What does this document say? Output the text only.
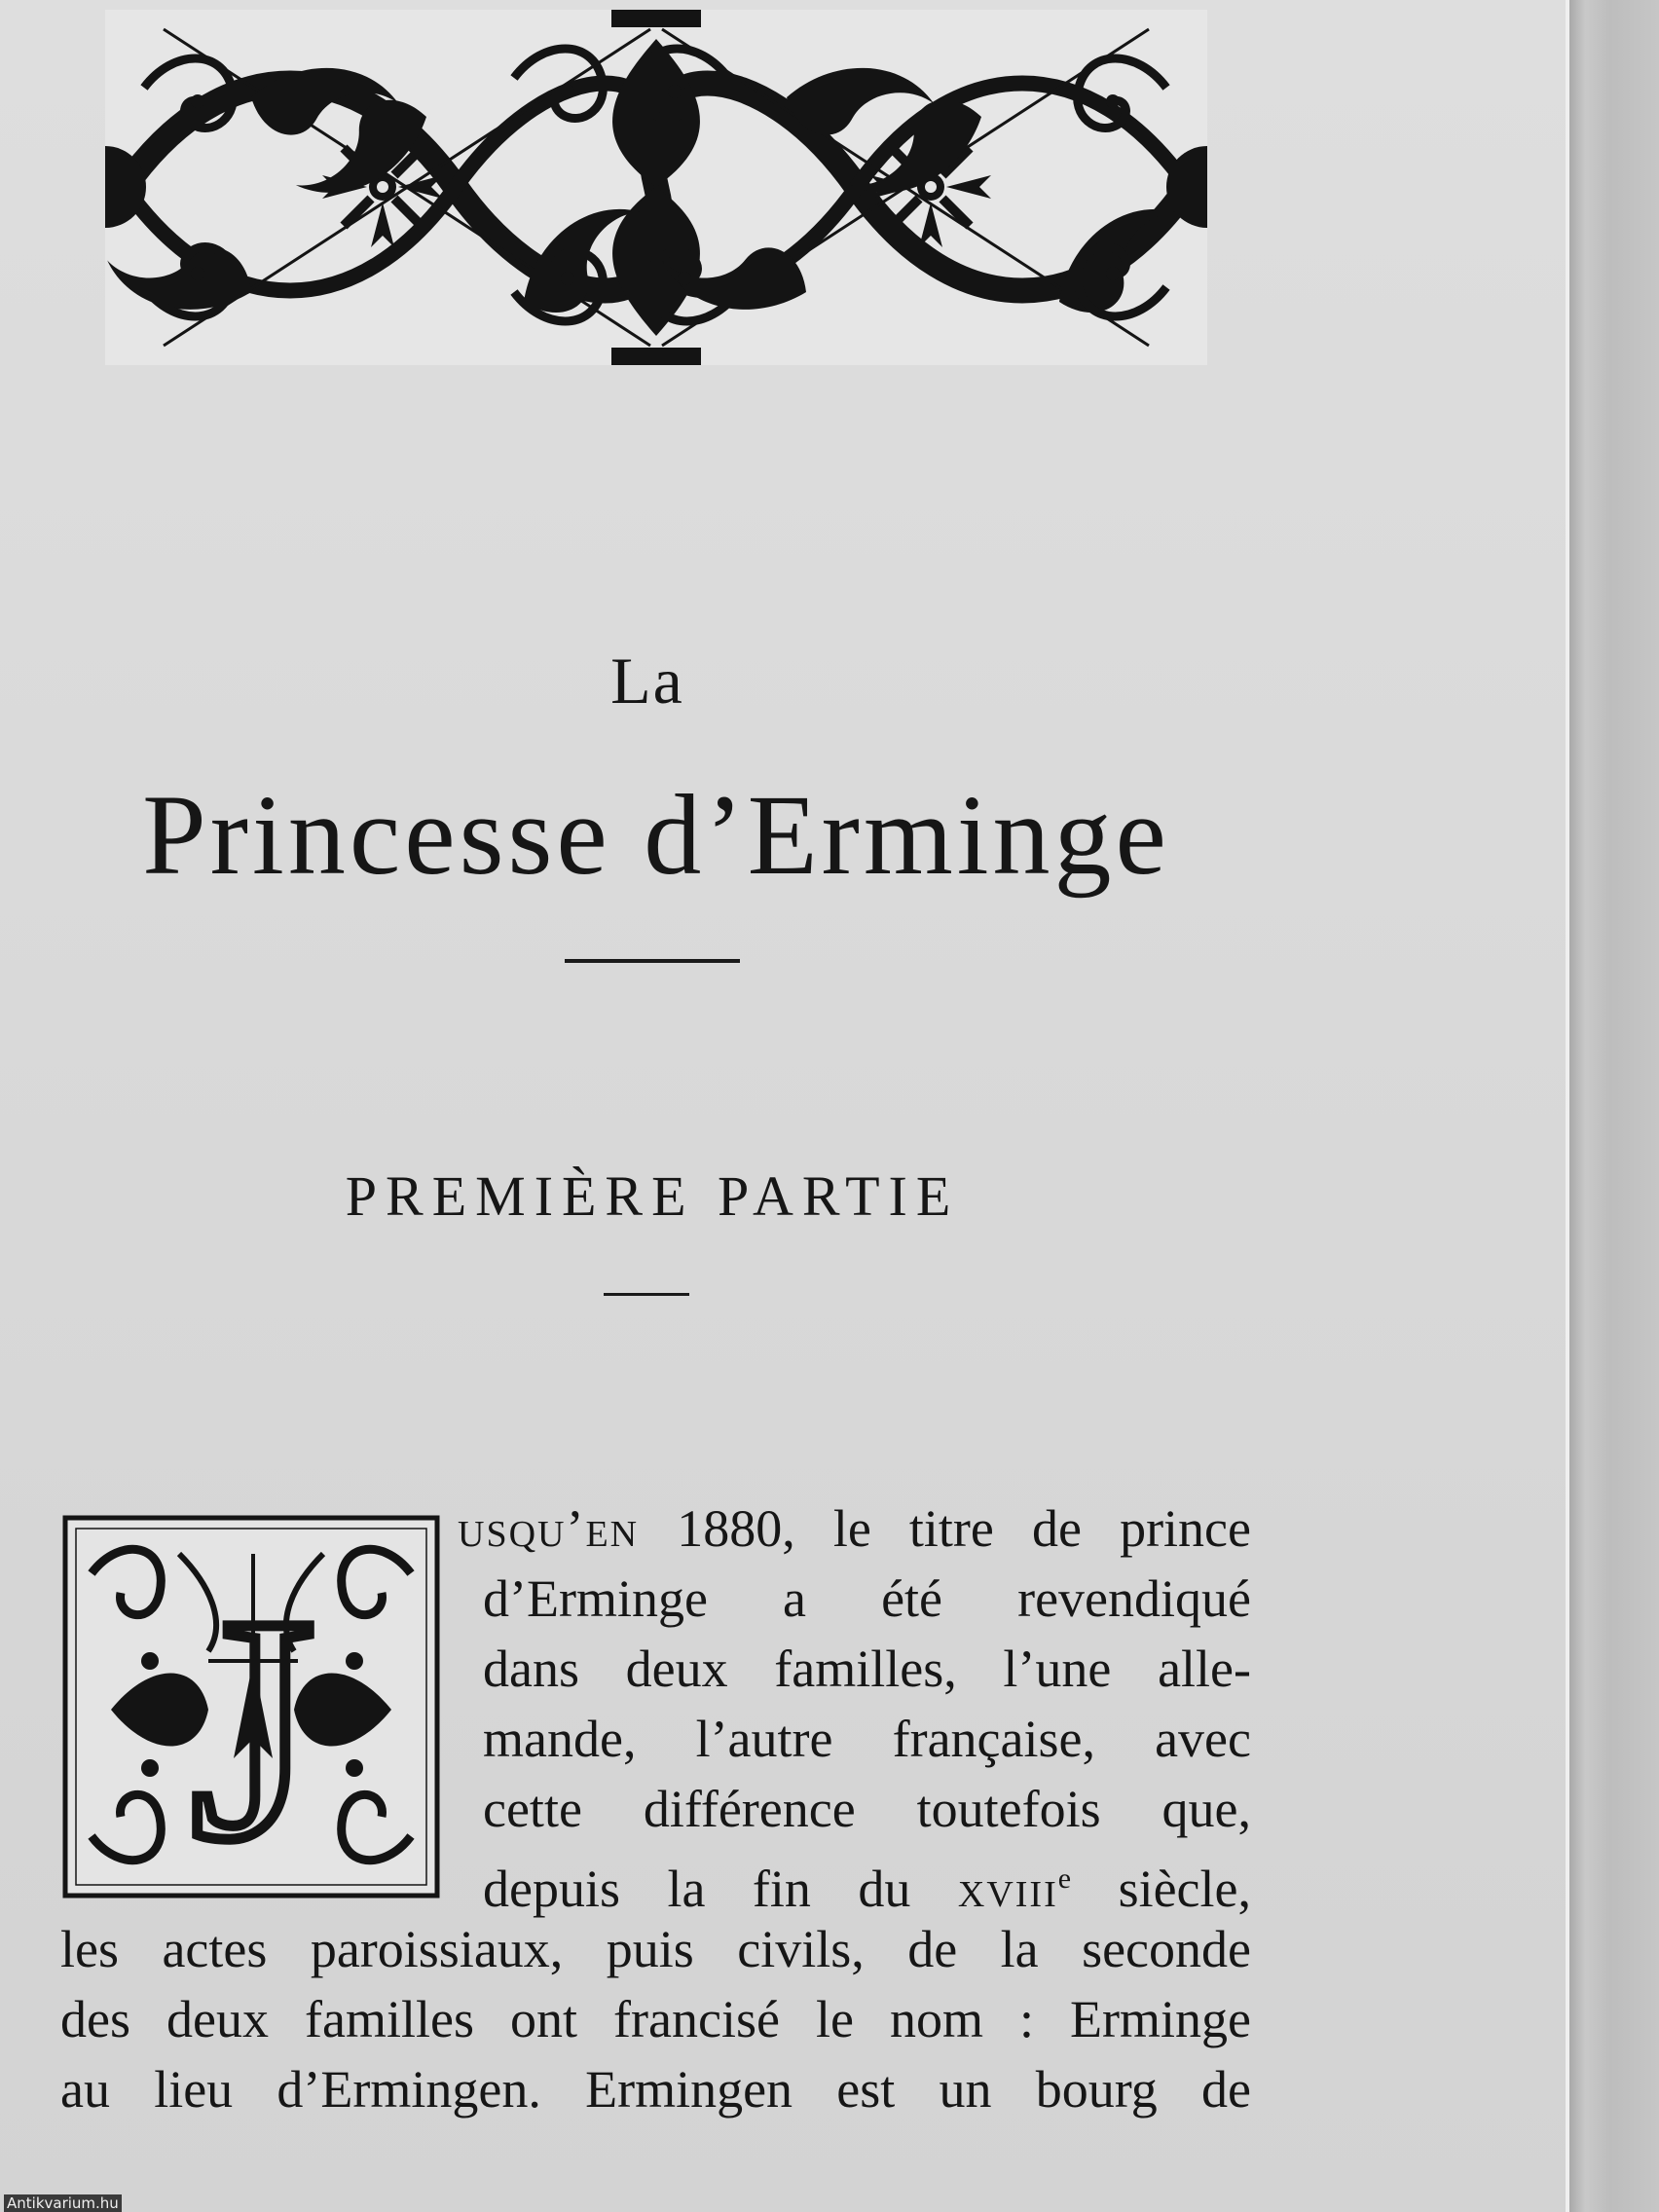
La
Princesse d’Erminge
PREMIÈRE PARTIE
J
usqu’en 1880, le titre de prince
d’Erminge a été revendiqué
dans deux familles, l’une alle-
mande, l’autre française, avec
cette différence toutefois que,
depuis la fin du xviii$^e$ siècle,
les actes paroissiaux, puis civils, de la seconde
des deux familles ont francisé le nom : Erminge
au lieu d’Ermingen. Ermingen est un bourg de
Antikvarium.hu
